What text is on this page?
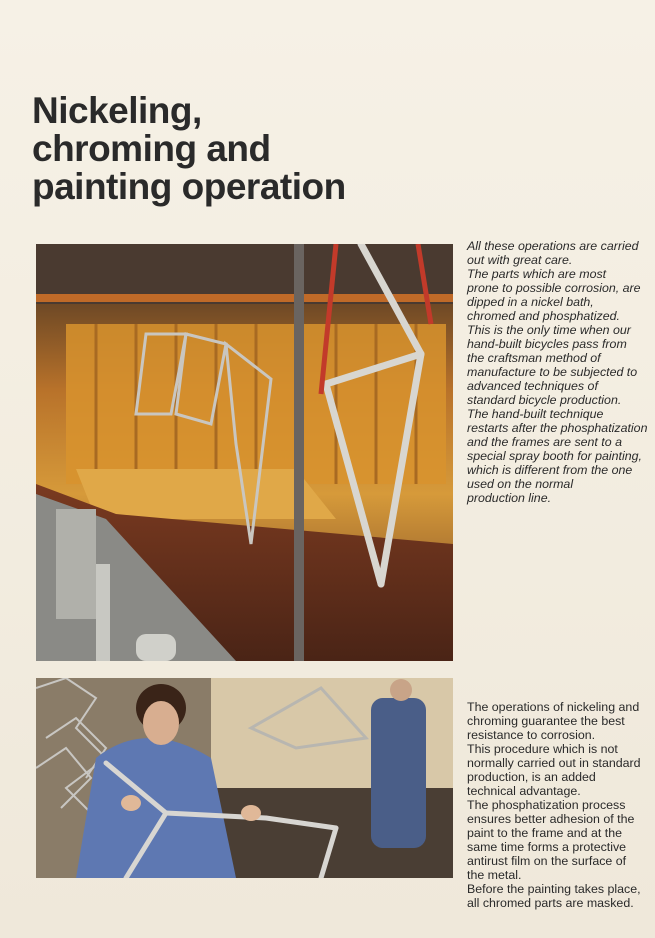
Nickeling,
chroming and
painting operation

All these operations are carried

out with great care.

The parts which are most

prone to possible corrosion, are

dipped in a nickel bath,

chromed and phosphatized.

This is the only time when our

hand-built bicycles pass from

the craftsman method of

manufacture to be subjected to

advanced techniques of

standard bicycle production.

The hand-built technique

restarts after the phosphatization

and the frames are sent to a

special spray booth for painting,

which is different from the one

used on the normal

production line.

The operations of nickeling and

chroming guarantee the best

resistance to corrosion.

This procedure which is not

normally carried out in standard

production, is an added

technical advantage.

The phosphatization process

ensures better adhesion of the

paint to the frame and at the

same time forms a protective

antirust film on the surface of

the metal.

Before the painting takes place,

all chromed parts are masked.
